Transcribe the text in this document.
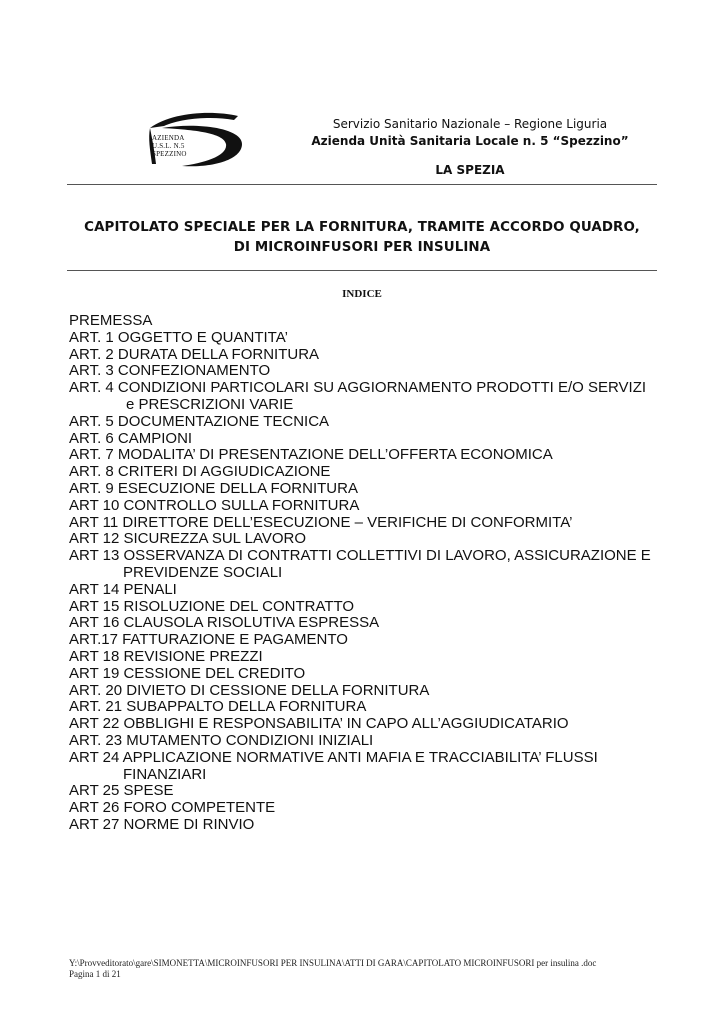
AZIENDA
U.S.L. N.5
SPEZZINO
Servizio Sanitario Nazionale – Regione Liguria
Azienda Unità Sanitaria Locale n. 5 “Spezzino”
LA SPEZIA
CAPITOLATO SPECIALE PER LA FORNITURA, TRAMITE ACCORDO QUADRO,
DI MICROINFUSORI PER INSULINA
INDICE
PREMESSA
ART. 1 OGGETTO E QUANTITA’
ART. 2 DURATA DELLA FORNITURA
ART. 3 CONFEZIONAMENTO
ART. 4 CONDIZIONI PARTICOLARI SU AGGIORNAMENTO PRODOTTI E/O SERVIZI
e PRESCRIZIONI VARIE
ART. 5 DOCUMENTAZIONE TECNICA
ART. 6 CAMPIONI
ART. 7 MODALITA’ DI PRESENTAZIONE DELL’OFFERTA ECONOMICA
ART. 8 CRITERI DI AGGIUDICAZIONE
ART. 9 ESECUZIONE DELLA FORNITURA
ART 10 CONTROLLO SULLA FORNITURA
ART 11 DIRETTORE DELL’ESECUZIONE – VERIFICHE DI CONFORMITA’
ART 12 SICUREZZA SUL LAVORO
ART 13 OSSERVANZA DI CONTRATTI COLLETTIVI DI LAVORO, ASSICURAZIONE E
PREVIDENZE SOCIALI
ART 14 PENALI
ART 15 RISOLUZIONE DEL CONTRATTO
ART 16 CLAUSOLA RISOLUTIVA ESPRESSA
ART.17 FATTURAZIONE E PAGAMENTO
ART 18 REVISIONE PREZZI
ART 19 CESSIONE DEL CREDITO
ART. 20 DIVIETO DI CESSIONE DELLA FORNITURA
ART. 21 SUBAPPALTO DELLA FORNITURA
ART 22 OBBLIGHI E RESPONSABILITA’ IN CAPO ALL’AGGIUDICATARIO
ART. 23 MUTAMENTO CONDIZIONI INIZIALI
ART 24 APPLICAZIONE NORMATIVE ANTI MAFIA E TRACCIABILITA’ FLUSSI
FINANZIARI
ART 25 SPESE
ART 26 FORO COMPETENTE
ART 27 NORME DI RINVIO
Y:\Provveditorato\gare\SIMONETTA\MICROINFUSORI PER INSULINA\ATTI DI GARA\CAPITOLATO MICROINFUSORI per insulina .doc
Pagina 1 di 21
